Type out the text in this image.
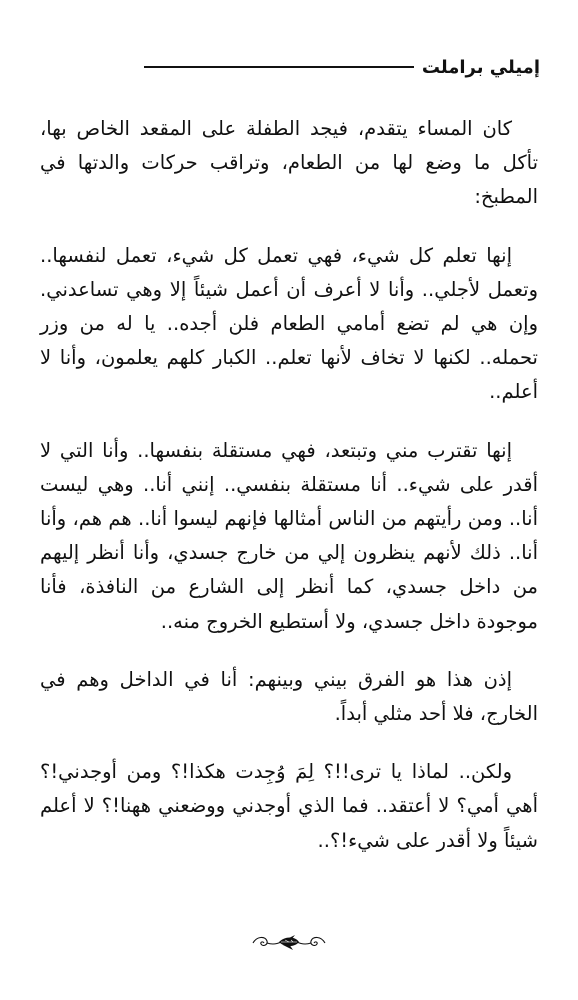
إميلي براملت

كان المساء يتقدم، فيجد الطفلة على المقعد الخاص بها، تأكل ما وضع لها من الطعام، وتراقب حركات والدتها في المطبخ:

إنها تعلم كل شيء، فهي تعمل كل شيء، تعمل لنفسها.. وتعمل لأجلي.. وأنا لا أعرف أن أعمل شيئاً إلا وهي تساعدني. وإن هي لم تضع أمامي الطعام فلن أجده.. يا له من وزر تحمله.. لكنها لا تخاف لأنها تعلم.. الكبار كلهم يعلمون، وأنا لا أعلم..

إنها تقترب مني وتبتعد، فهي مستقلة بنفسها.. وأنا التي لا أقدر على شيء.. أنا مستقلة بنفسي.. إنني أنا.. وهي ليست أنا.. ومن رأيتهم من الناس أمثالها فإنهم ليسوا أنا.. هم هم، وأنا أنا.. ذلك لأنهم ينظرون إلي من خارج جسدي، وأنا أنظر إليهم من داخل جسدي، كما أنظر إلى الشارع من النافذة، فأنا موجودة داخل جسدي، ولا أستطيع الخروج منه..

إذن هذا هو الفرق بيني وبينهم: أنا في الداخل وهم في الخارج، فلا أحد مثلي أبداً.

ولكن.. لماذا يا ترى!!؟ لِمَ وُجِدت هكذا!؟ ومن أوجدني!؟ أهي أمي؟ لا أعتقد.. فما الذي أوجدني ووضعني ههنا!؟ لا أعلم شيئاً ولا أقدر على شيء!؟..
